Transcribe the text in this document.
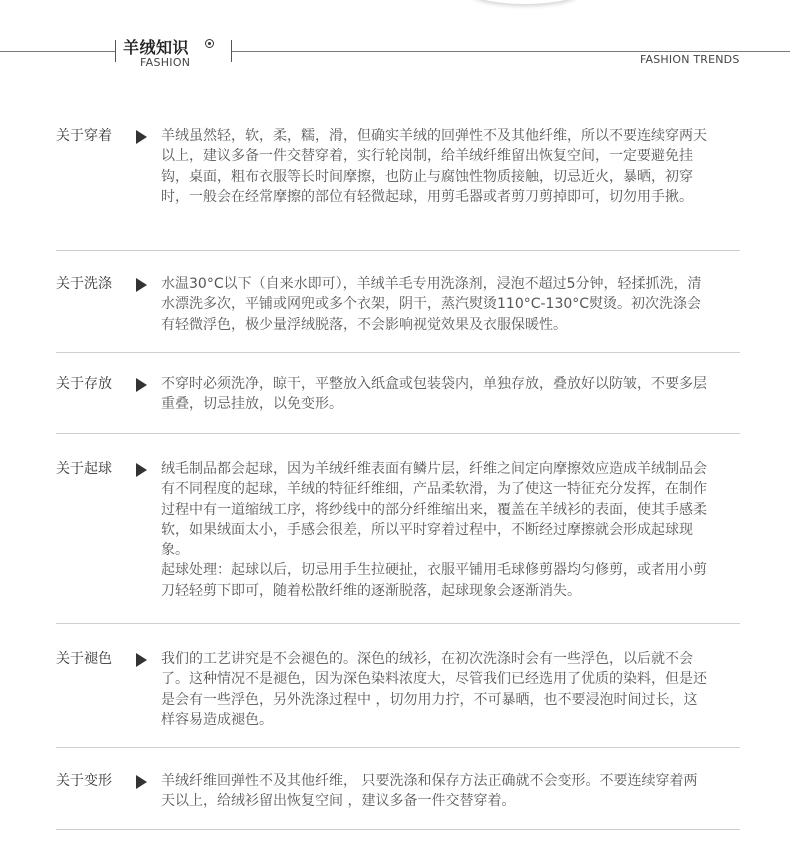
羊绒知识
FASHION	FASHION TRENDS
关于穿着	羊绒虽然轻，软，柔，糯，滑，但确实羊绒的回弹性不及其他纤维，所以不要连续穿两天以上，建议多备一件交替穿着，实行轮岗制，给羊绒纤维留出恢复空间，一定要避免挂钩，桌面，粗布衣服等长时间摩擦，也防止与腐蚀性物质接触，切忌近火，暴晒，初穿时，一般会在经常摩擦的部位有轻微起球，用剪毛器或者剪刀剪掉即可，切勿用手揪。

关于洗涤	水温30°C以下（自来水即可），羊绒羊毛专用洗涤剂，浸泡不超过5分钟，轻揉抓洗，清水漂洗多次，平铺或网兜或多个衣架，阴干，蒸汽熨烫110°C-130°C熨烫。初次洗涤会有轻微浮色，极少量浮绒脱落，不会影响视觉效果及衣服保暖性。

关于存放	不穿时必须洗净，晾干，平整放入纸盒或包装袋内，单独存放，叠放好以防皱，不要多层重叠，切忌挂放，以免变形。

关于起球	绒毛制品都会起球，因为羊绒纤维表面有鳞片层，纤维之间定向摩擦效应造成羊绒制品会有不同程度的起球，羊绒的特征纤维细，产品柔软滑，为了使这一特征充分发挥，在制作过程中有一道缩绒工序，将纱线中的部分纤维缩出来，覆盖在羊绒衫的表面，使其手感柔软，如果绒面太小，手感会很差，所以平时穿着过程中，不断经过摩擦就会形成起球现象。

起球处理：起球以后，切忌用手生拉硬扯，衣服平铺用毛球修剪器均匀修剪，或者用小剪刀轻轻剪下即可，随着松散纤维的逐渐脱落，起球现象会逐渐消失。

关于褪色	我们的工艺讲究是不会褪色的。深色的绒衫，在初次洗涤时会有一些浮色，以后就不会了。这种情况不是褪色，因为深色染料浓度大，尽管我们已经选用了优质的染料，但是还是会有一些浮色，另外洗涤过程中 ，切勿用力拧，不可暴晒，也不要浸泡时间过长，这样容易造成褪色。

关于变形	羊绒纤维回弹性不及其他纤维， 只要洗涤和保存方法正确就不会变形。不要连续穿着两天以上，给绒衫留出恢复空间 ，建议多备一件交替穿着。
